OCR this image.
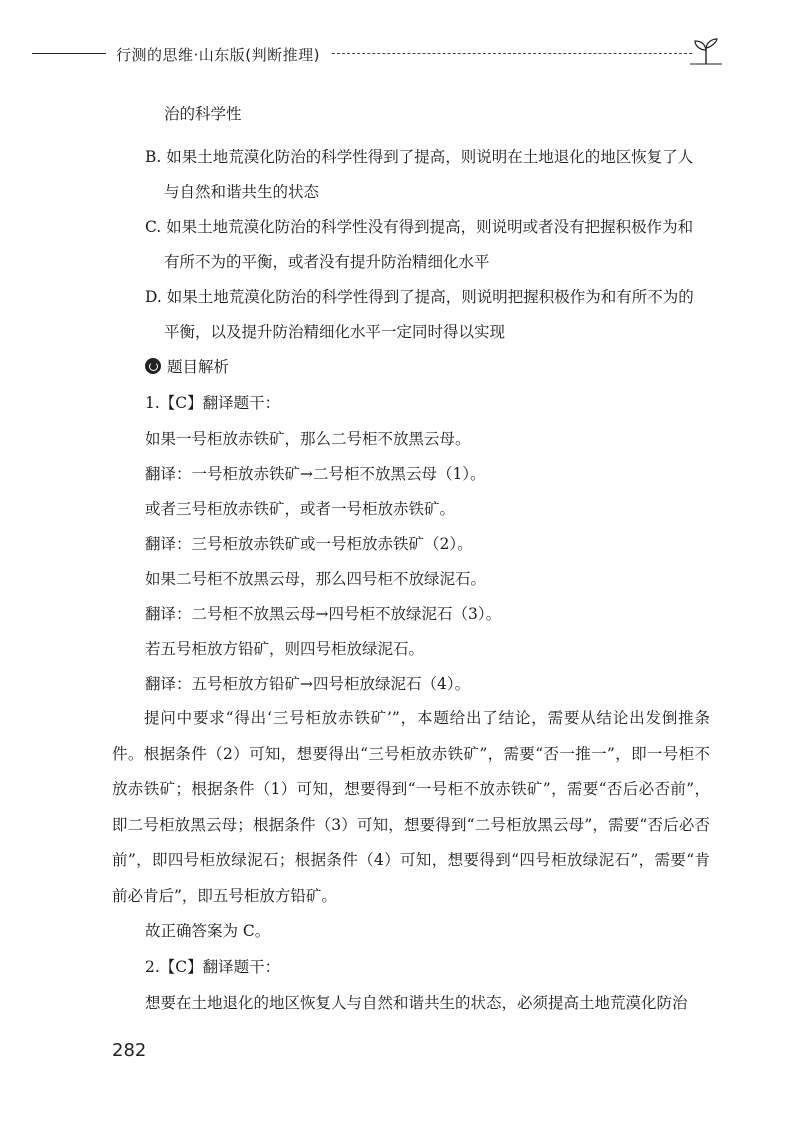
行测的思维·山东版(判断推理)
治的科学性
B. 如果土地荒漠化防治的科学性得到了提高，则说明在土地退化的地区恢复了人
与自然和谐共生的状态
C. 如果土地荒漠化防治的科学性没有得到提高，则说明或者没有把握积极作为和
有所不为的平衡，或者没有提升防治精细化水平
D. 如果土地荒漠化防治的科学性得到了提高，则说明把握积极作为和有所不为的
平衡，以及提升防治精细化水平一定同时得以实现
题目解析
1.【C】翻译题干：
如果一号柜放赤铁矿，那么二号柜不放黑云母。
翻译：一号柜放赤铁矿→二号柜不放黑云母（1）。
或者三号柜放赤铁矿，或者一号柜放赤铁矿。
翻译：三号柜放赤铁矿或一号柜放赤铁矿（2）。
如果二号柜不放黑云母，那么四号柜不放绿泥石。
翻译：二号柜不放黑云母→四号柜不放绿泥石（3）。
若五号柜放方铅矿，则四号柜放绿泥石。
翻译：五号柜放方铅矿→四号柜放绿泥石（4）。
提问中要求“得出‘三号柜放赤铁矿’”，本题给出了结论，需要从结论出发倒推条件。根据条件（2）可知，想要得出“三号柜放赤铁矿”，需要“否一推一”，即一号柜不放赤铁矿；根据条件（1）可知，想要得到“一号柜不放赤铁矿”，需要“否后必否前”，即二号柜放黑云母；根据条件（3）可知，想要得到“二号柜放黑云母”，需要“否后必否前”，即四号柜放绿泥石；根据条件（4）可知，想要得到“四号柜放绿泥石”，需要“肯前必肯后”，即五号柜放方铅矿。
故正确答案为 C。
2.【C】翻译题干：
想要在土地退化的地区恢复人与自然和谐共生的状态，必须提高土地荒漠化防治
282
